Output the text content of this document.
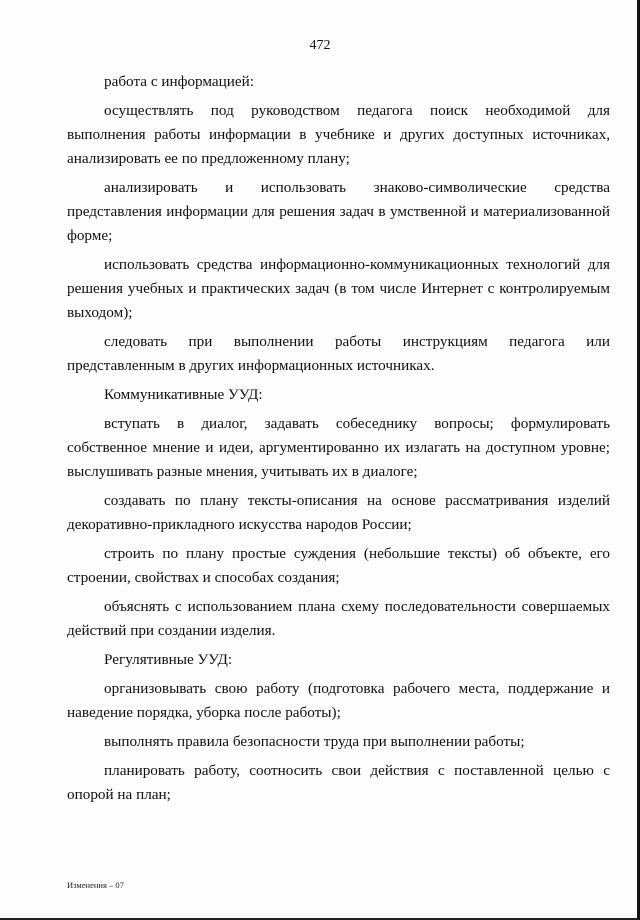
472

работа с информацией:

осуществлять под руководством педагога поиск необходимой для выполнения работы информации в учебнике и других доступных источниках, анализировать ее по предложенному плану;

анализировать и использовать знаково-символические средства представления информации для решения задач в умственной и материализованной форме;

использовать средства информационно-коммуникационных технологий для решения учебных и практических задач (в том числе Интернет с контролируемым выходом);

следовать при выполнении работы инструкциям педагога или представленным в других информационных источниках.

Коммуникативные УУД:

вступать в диалог, задавать собеседнику вопросы; формулировать собственное мнение и идеи, аргументированно их излагать на доступном уровне; выслушивать разные мнения, учитывать их в диалоге;

создавать по плану тексты-описания на основе рассматривания изделий декоративно-прикладного искусства народов России;

строить по плану простые суждения (небольшие тексты) об объекте, его строении, свойствах и способах создания;

объяснять с использованием плана схему последовательности совершаемых действий при создании изделия.

Регулятивные УУД:

организовывать свою работу (подготовка рабочего места, поддержание и наведение порядка, уборка после работы);

выполнять правила безопасности труда при выполнении работы;

планировать работу, соотносить свои действия с поставленной целью с опорой на план;

Изменения – 07
